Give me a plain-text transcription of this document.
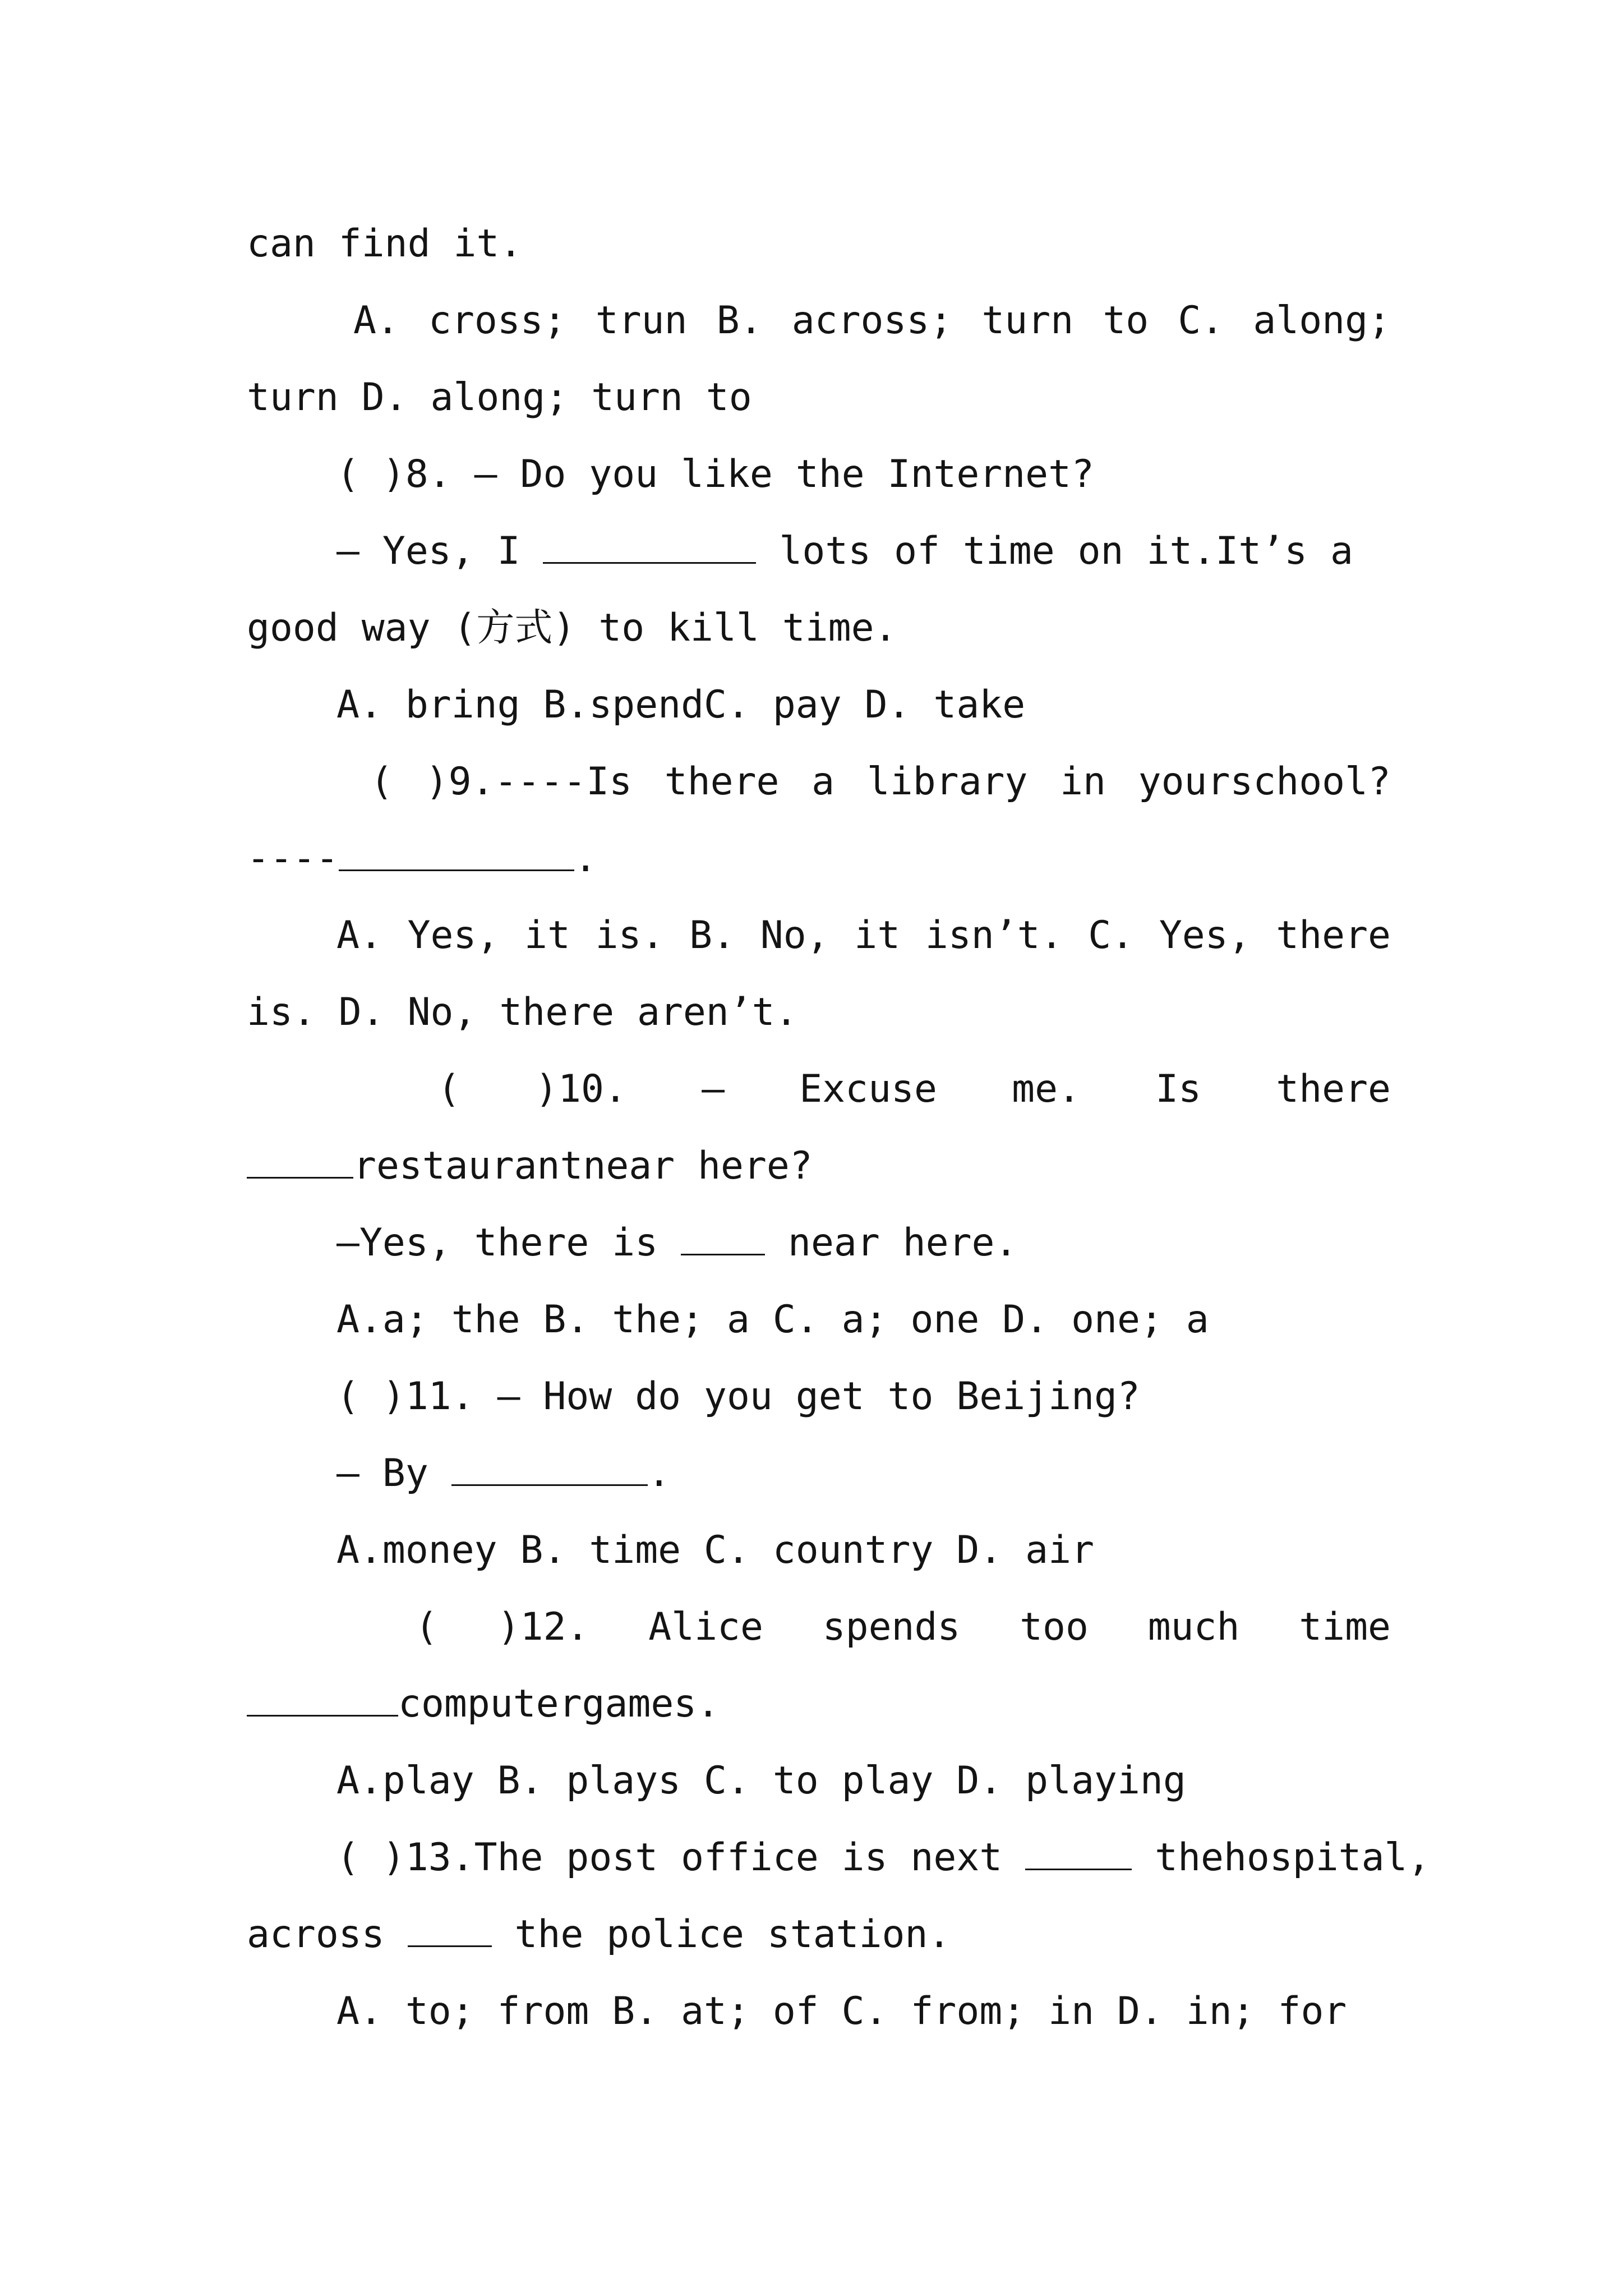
can find it.
A. cross; trun B. across; turn to C. along;
turn D. along; turn to
( )8. — Do you like the Internet?
— Yes, I	lots of time on it.It’s a
good way (方式) to kill time.
A. bring B.spendC. pay D. take
( )9.----Is there a library in yourschool?
----	.
A. Yes, it is. B. No, it isn’t. C. Yes, there
is. D. No, there aren’t.
( )10. — Excuse me. Is there
restaurantnear here?
—Yes, there is  near here.
A.a; the B. the; a C. a; one D. one; a
( )11. — How do you get to Beijing?
— By	.
A.money B. time C. country D. air
( )12. Alice spends too much time
computergames.
A.play B. plays C. to play D. playing
( )13.The post office is next	thehospital,
across  the police station.
A. to; from B. at; of C. from; in D. in; for
